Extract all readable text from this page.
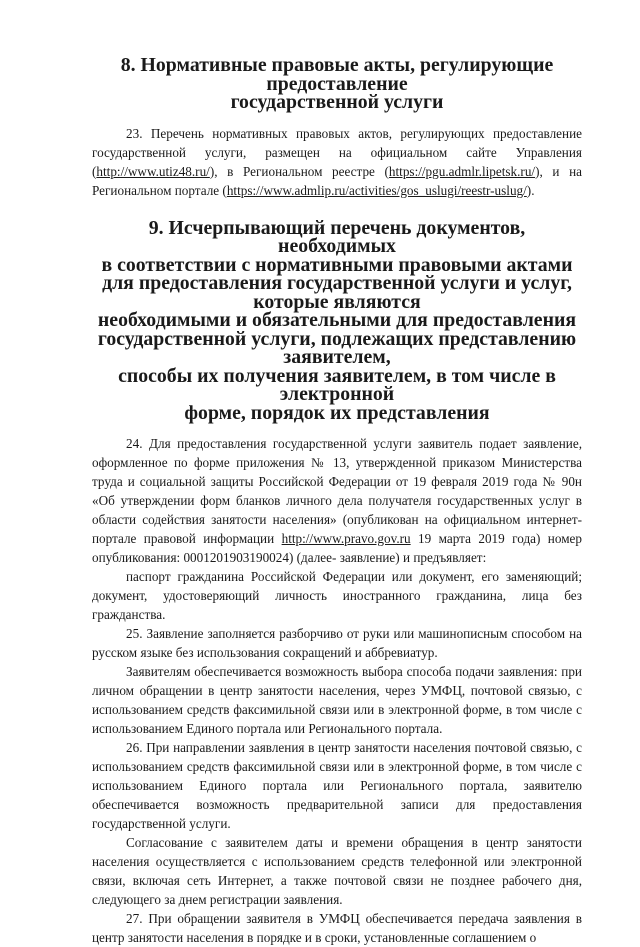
8. Нормативные правовые акты, регулирующие предоставление
государственной услуги

23. Перечень нормативных правовых актов, регулирующих предоставление государственной услуги, размещен на официальном сайте Управления (http://www.utiz48.ru/), в Региональном реестре (https://pgu.admlr.lipetsk.ru/), и на Региональном портале (https://www.admlip.ru/activities/gos_uslugi/reestr-uslug/).

9. Исчерпывающий перечень документов, необходимых
в соответствии с нормативными правовыми актами
для предоставления государственной услуги и услуг, которые являются
необходимыми и обязательными для предоставления
государственной услуги, подлежащих представлению заявителем,
способы их получения заявителем, в том числе в электронной
форме, порядок их представления

24. Для предоставления государственной услуги заявитель подает заявление, оформленное по форме приложения № 13, утвержденной приказом Министерства труда и социальной защиты Российской Федерации от 19 февраля 2019 года № 90н «Об утверждении форм бланков личного дела получателя государственных услуг в области содействия занятости населения» (опубликован на официальном интернет-портале правовой информации http://www.pravo.gov.ru 19 марта 2019 года) номер опубликования: 0001201903190024) (далее- заявление) и предъявляет:

паспорт гражданина Российской Федерации или документ, его заменяющий; документ, удостоверяющий личность иностранного гражданина, лица без гражданства.

25. Заявление заполняется разборчиво от руки или машинописным способом на русском языке без использования сокращений и аббревиатур.

Заявителям обеспечивается возможность выбора способа подачи заявления: при личном обращении в центр занятости населения, через УМФЦ, почтовой связью, с использованием средств факсимильной связи или в электронной форме, в том числе с использованием Единого портала или Регионального портала.

26. При направлении заявления в центр занятости населения почтовой связью, с использованием средств факсимильной связи или в электронной форме, в том числе с использованием Единого портала или Регионального портала, заявителю обеспечивается возможность предварительной записи для предоставления государственной услуги.

Согласование с заявителем даты и времени обращения в центр занятости населения осуществляется с использованием средств телефонной или электронной связи, включая сеть Интернет, а также почтовой связи не позднее рабочего дня, следующего за днем регистрации заявления.

27. При обращении заявителя в УМФЦ обеспечивается передача заявления в центр занятости населения в порядке и в сроки, установленные соглашением о
